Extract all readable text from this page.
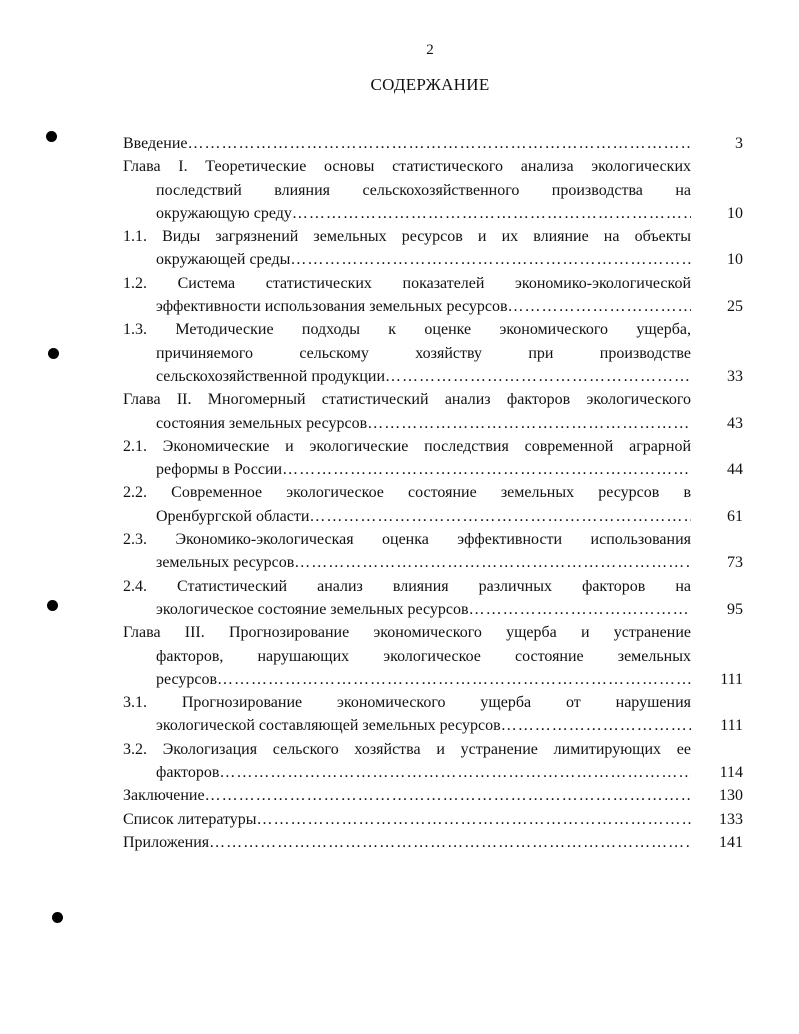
2
СОДЕРЖАНИЕ
Введение ……………………………………………………………………………………………………………………………	3
Глава I. Теоретические основы статистического анализа экологических
последствий влияния сельскохозяйственного производства на
окружающую среду ……………………………………………………………………………………………………………………………	10
1.1. Виды загрязнений земельных ресурсов и их влияние на объекты
окружающей среды ……………………………………………………………………………………………………………………………	10
1.2. Система статистических показателей экономико-экологической
эффективности использования земельных ресурсов ……………………………………………………………………………………………………………………………	25
1.3. Методические подходы к оценке экономического ущерба,
причиняемого сельскому хозяйству при производстве
сельскохозяйственной продукции ……………………………………………………………………………………………………………………………	33
Глава II. Многомерный статистический анализ факторов экологического
состояния земельных ресурсов ……………………………………………………………………………………………………………………………	43
2.1. Экономические и экологические последствия современной аграрной
реформы в России ……………………………………………………………………………………………………………………………	44
2.2. Современное экологическое состояние земельных ресурсов в
Оренбургской области ……………………………………………………………………………………………………………………………	61
2.3. Экономико-экологическая оценка эффективности использования
земельных ресурсов ……………………………………………………………………………………………………………………………	73
2.4. Статистический анализ влияния различных факторов на
экологическое состояние земельных ресурсов ……………………………………………………………………………………………………………………………	95
Глава III. Прогнозирование экономического ущерба и устранение
факторов, нарушающих экологическое состояние земельных
ресурсов ……………………………………………………………………………………………………………………………	111
3.1. Прогнозирование экономического ущерба от нарушения
экологической составляющей земельных ресурсов ……………………………………………………………………………………………………………………………	111
3.2. Экологизация сельского хозяйства и устранение лимитирующих ее
факторов ……………………………………………………………………………………………………………………………	114
Заключение ……………………………………………………………………………………………………………………………	130
Список литературы ……………………………………………………………………………………………………………………………	133
Приложения ……………………………………………………………………………………………………………………………	141
